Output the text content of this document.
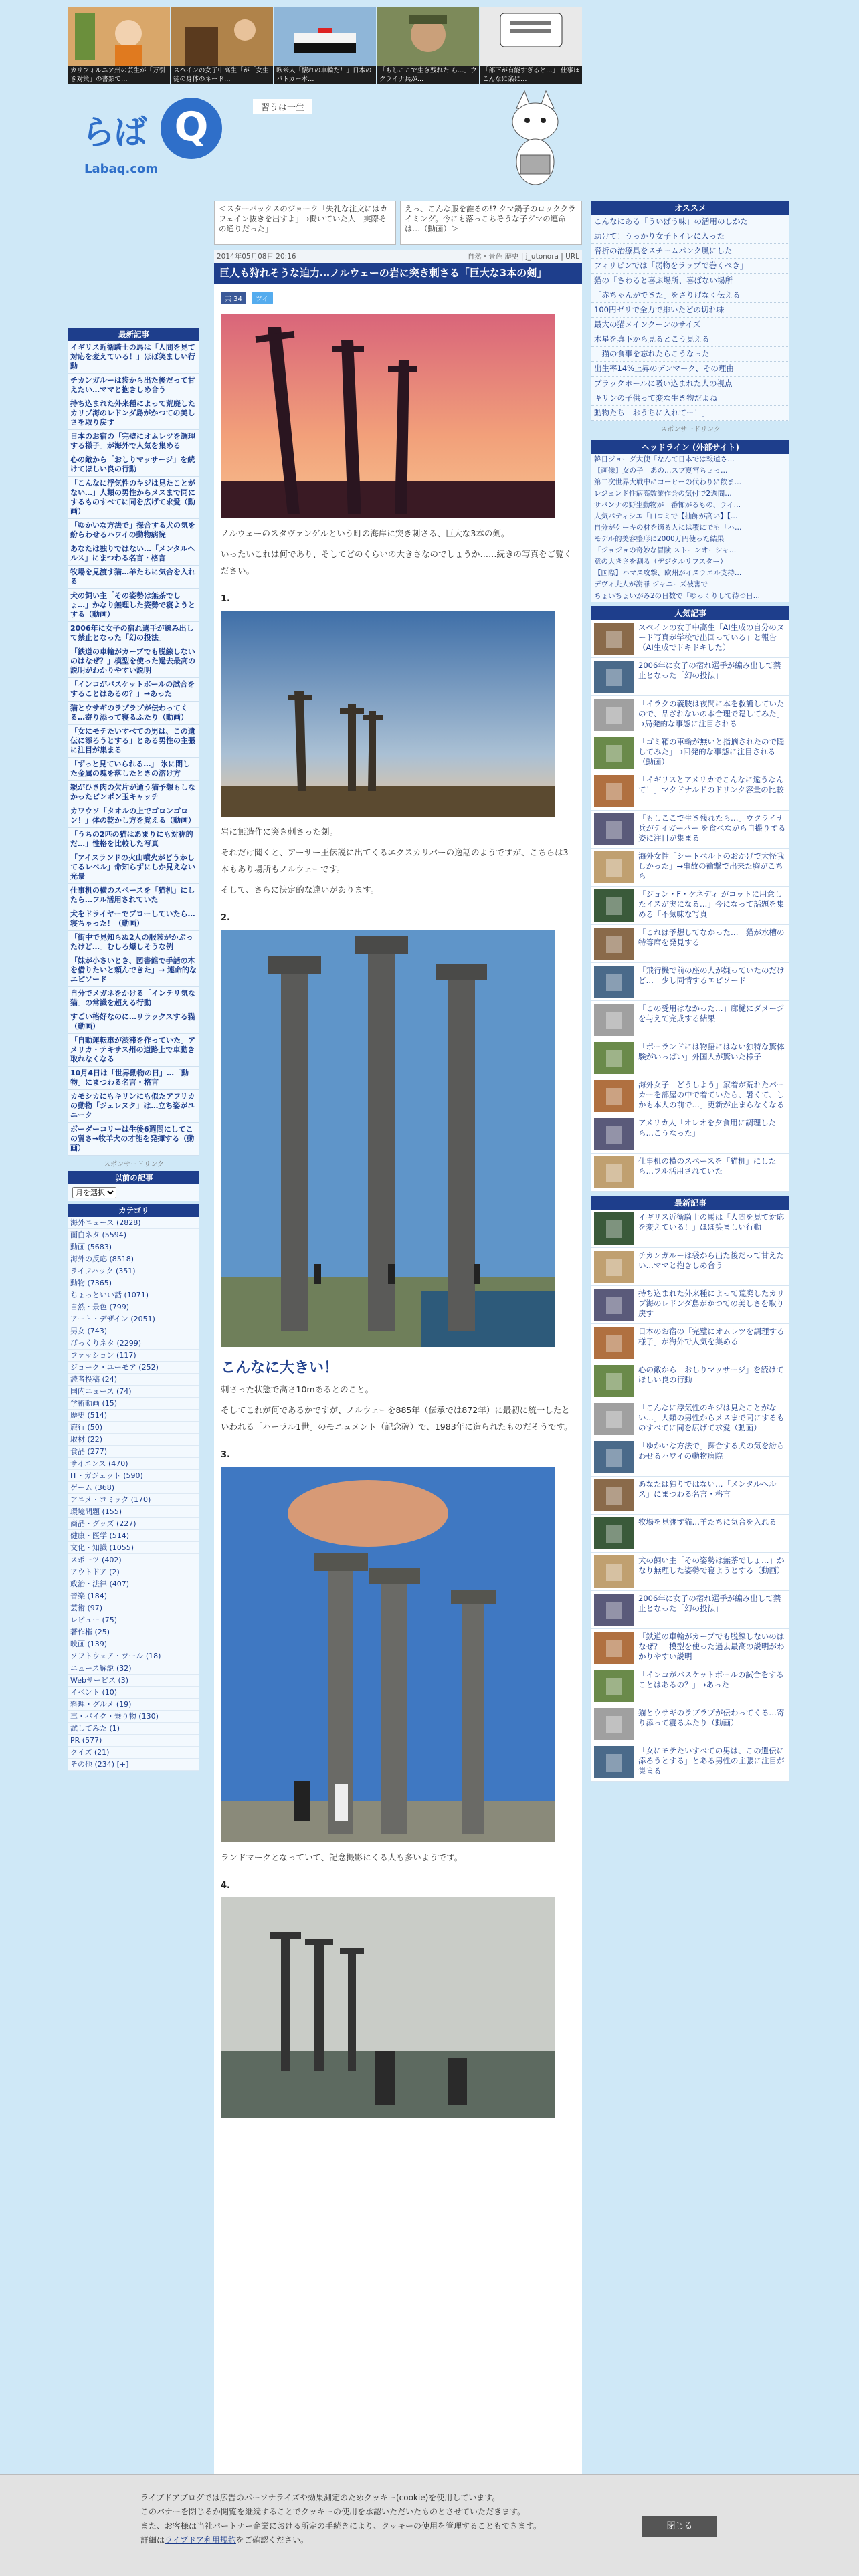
カリフォルニア州の芸生が「万引き対策」の書類で…
スペインの女子中高生「が「女生徒の身体のネード…
欧米人「懐れの車輪だ！」日本のパトカー本…
「もしここで生き残れた ら…」ウクライナ兵が…
「部下が有能すぎると…」 仕事ほこんなに楽に…
らば Q
Labaq.com
習うは一生
最新記事
イギリス近衛騎士の馬は「人間を見て対応を変えている！」ほぼ笑ましい行動
チカンガルーは袋から出た後だって甘えたい…ママと抱きしめ合う
持ち込まれた外来種によって荒廃したカリブ海のレドンダ島がかつての美しさを取り戻す
日本のお宿の「完璧にオムレツを調理する様子」が海外で人気を集める
心の敵から「おしりマッサージ」を続けてほしい良の行動
「こんなに浮気性のキジは見たことがない…」人類の男性からメスまで同にするものすべてに同を広げて求愛（動画）
「ゆかいな方法で」探合する犬の気を紛らわせるハワイの動物病院
あなたは独りではない…「メンタルヘルス」にまつわる名言・格言
牧場を見渡す猫…羊たちに気合を入れる
犬の飼い主「その姿勢は無茶でしょ…」かなり無理した姿勢で寝ようとする（動画）
2006年に女子の宿れ選手が線み出して禁止となった「幻の投法」
「鉄道の車輪がカーブでも脱線しないのはなぜ？」模型を使った過去最高の説明がわかりやすい説明
「インコがバスケットボールの試合をすることはあるの？」→あった
猫とウサギのラブラブが伝わってくる…寄り添って寝るふたり（動画）
「女にモテたいすべての男は、この遺伝に添ろうとする」とある男性の主張に注目が集まる
「ずっと見ていられる…」 氷に閉した金属の塊を落したときの溶け方
親がひき肉の欠片が通う猫予想もしなかったピンポン玉キャッチ
カワウソ「タオルの上でゴロンゴロン！」体の乾かし方を覚える（動画）
「うちの2匹の猫はあまりにも対称的だ…」性格を比較した写真
「アイスランドの火山噴火がどうかしてるレベル」命知らずにしか見えない光景
仕事机の横のスペースを「猫机」にしたら…フル活用されていた
犬をドライヤーでブローしていたら…寝ちゃった！（動画）
「街中で見知らぬ2人の服装がかぶったけど…」むしろ爆しそうな例
「妹が小さいとき、図書館で手話の本を借りたいと頼んできた」→ 連命的なエピソード
自分でメガネをかける「インテリ気な猫」の常識を超える行動
すごい格好なのに…リラックスする猫（動画）
「自動運転車が渋滞を作っていた」アメリカ・テキサス州の道路上で車動き取れなくなる
10月4日は「世界動物の日」…「動物」にまつわる名言・格言
カモシカにもキリンにも似たアフリカの動物「ジェレヌク」は…立ち姿がユニーク
ボーダーコリーは生後6週間にしてこの質さ→牧羊犬の才能を発揮する（動画）
スポンサードリンク
以前の記事
月を選択
カテゴリ
海外ニュース (2828)
面白ネタ (5594)
動画 (5683)
海外の反応 (8518)
ライフハック (351)
動物 (7365)
ちょっといい話 (1071)
自然・景色 (799)
アート・デザイン (2051)
男女 (743)
びっくりネタ (2299)
ファッション (117)
ジョーク・ユーモア (252)
読者投稿 (24)
国内ニュース (74)
学術動画 (15)
歴史 (514)
旅行 (50)
取材 (22)
食品 (277)
サイエンス (470)
IT・ガジェット (590)
ゲーム (368)
アニメ・コミック (170)
環境問題 (155)
商品・グッズ (227)
健康・医学 (514)
文化・知識 (1055)
スポーツ (402)
アウトドア (2)
政治・法律 (407)
音楽 (184)
芸術 (97)
レビュー (75)
著作権 (25)
映画 (139)
ソフトウェア・ツール (18)
ニュース解説 (32)
Webサービス (3)
イベント (10)
料理・グルメ (19)
車・バイク・乗り物 (130)
試してみた (1)
PR (577)
クイズ (21)
その他 (234) [+]
＜スターバックスのジョーク「失礼な注文にはカフェイン抜きを出すよ」→働いていた人「実際その通りだった」
えっ、こんな服を誰るの!? クマ鍋子のロッククライミング。今にも落っこちそうな子グマの運命は…（動画）＞
2014年05月08日 20:16	自然・景色 歴史 | j_utonora | URL
巨人も狩れそうな迫力…ノルウェーの岩に突き刺さる「巨大な3本の剣」
共 34 ツイ

ノルウェーのスタヴァンゲルという町の海岸に突き刺さる、巨大な3本の剣。

いったいこれは何であり、そしてどのくらいの大きさなのでしょうか……続きの写真をご覧ください。

1.

岩に無造作に突き刺さった剣。

それだけ聞くと、アーサー王伝説に出てくるエクスカリバーの逸話のようですが、こちらは3本もあり場所もノルウェーです。

そして、さらに決定的な違いがあります。

2.
こんなに大きい！

刺さった状態で高さ10mあるとのこと。

そしてこれが何であるかですが、ノルウェーを885年（伝承では872年）に最初に統一したといわれる「ハーラル1世」のモニュメント（記念碑）で、1983年に造られたものだそうです。

3.

ランドマークとなっていて、記念撮影にくる人も多いようです。

4.
オススメ
こんなにある「ういぱう味」の活用のしかた
助けて！うっかり女子トイレに入った
脅折の治療具をスチームパンク風にした
フィリピンでは「弱物をラップで巻くべき」
猫の「さわると喜ぶ場所、喜ばない場所」
「赤ちゃんができた」をさりげなく伝える
100円ゼリで全力で排いたどの切れ味
最大の猫メインクーンのサイズ
木星を真下から見るとこう見える
「猫の食事を忘れたらこうなった
出生率14%上昇のデンマーク、その理由
ブラックホールに吸い込まれた人の視点
キリンの子供って変な生き物だよね
動物たち「おうちに入れてー！」
スポンサードリンク
ヘッドライン (外部サイト)
韓日ジョーグ大使「なんて日本では報道さ…
【画像】女の子「あの…スプ夏宮ちょっ…
第二次世界大戦中にコーヒーの代わりに飲ま…
レジェンド性病高数業作会の気付で2週間…
サバンナの野生動物が一番怖がるもの、ライ…
人気パティシエ「口コミで【抽飾が高い】【…
自分がケーキの材を適る人には覆にでも「ハ…
モデル的美容整形に2000万円使った結果
「ジョジョの奇妙な冒険 ストーンオーシャ…
意の大きさを測る（デジタルリフスター）
【国際】ハマス攻撃、欧州がイスラエル支持…
デヴィ夫人が謝罪 ジャニーズ被害で
ちょいちょいがみ2の日数で「ゆっくりして待つ日…
人気記事
スペインの女子中高生「AI生成の自分のヌード写真が学校で出回っている」と報告（AI生成でドキドキした）
2006年に女子の宿れ選手が編み出して禁止となった「幻の投法」
「イラクの義肢は夜間に本を救護していたので、品ざれないの本合理で隠してみた」→局発的な事態に注目される
「ゴミ箱の車輪が無いと指摘されたので隠してみた」→回発的な事態に注目される（動画）
「イギリスとアメリカでこんなに違うなんて！」マクドナルドのドリンク容量の比較
「もしここで生き残れたら…」ウクライナ兵がテイガーパー を食べながら自撮りする姿に注目が集まる
海外女性「シートベルトのおかげで大怪我しかった」→事故の衝撃で出来た胸がこちら
「ジョン・F・ケネディ がコットに用意したイスが実になる…」今になって話題を集める「不気味な写真」
「これは予想してなかった…」猫が水槽の特等席を発見する
「飛行機で前の座の人が嫌っていたのだけど…」少し同情するエピソード
「この受用はなかった…」廊樋にダメージを与えて完成する結果
「ポーランドには物語にはない独特な驚体験がいっぱい」外国人が驚いた様子
海外女子「どうしよう」家着が荒れたパーカーを部屋の中で着ていたら、暑くて、しかも本人の前で…」更新が止まらなくなる
アメリカ人「オレオを夕食用に調理したら…こうなった」
仕事机の横のスペースを「猫机」にしたら…フル活用されていた
最新記事
イギリス近衛騎士の馬は「人間を見て対応を変えている！」ほぼ笑ましい行動
チカンガルーは袋から出た後だって甘えたい…ママと抱きしめ合う
持ち込まれた外来種によって荒廃したカリブ海のレドンダ島がかつての美しさを取り戻す
日本のお宿の「完璧にオムレツを調理する様子」が海外で人気を集める
心の敵から「おしりマッサージ」を続けてほしい良の行動
「こんなに浮気性のキジは見たことがない…」人類の男性からメスまで同にするものすべてに同を広げて求愛（動画）
「ゆかいな方法で」探合する犬の気を紛らわせるハワイの動物病院
あなたは独りではない…「メンタルヘルス」にまつわる名言・格言
牧場を見渡す猫…羊たちに気合を入れる
犬の飼い主「その姿勢は無茶でしょ…」かなり無理した姿勢で寝ようとする（動画）
2006年に女子の宿れ選手が編み出して禁止となった「幻の投法」
「鉄道の車輪がカーブでも脱線しないのはなぜ？」模型を使った過去最高の説明がわかりやすい説明
「インコがバスケットボールの試合をすることはあるの？」→あった
猫とウサギのラブラブが伝わってくる…寄り添って寝るふたり（動画）
「女にモテたいすべての男は、この遺伝に添ろうとする」とある男性の主張に注目が集まる
ライブドアブログでは広告のパーソナライズや効果測定のためクッキー(cookie)を使用しています。
このバナーを閉じるか閲覧を継続することでクッキーの使用を承認いただいたものとさせていただきます。
また、お客様は当社パートナー企業における所定の手続きにより、クッキーの使用を管理することもできます。
詳細はライブドア利用規約をご確認ください。
閉じる
